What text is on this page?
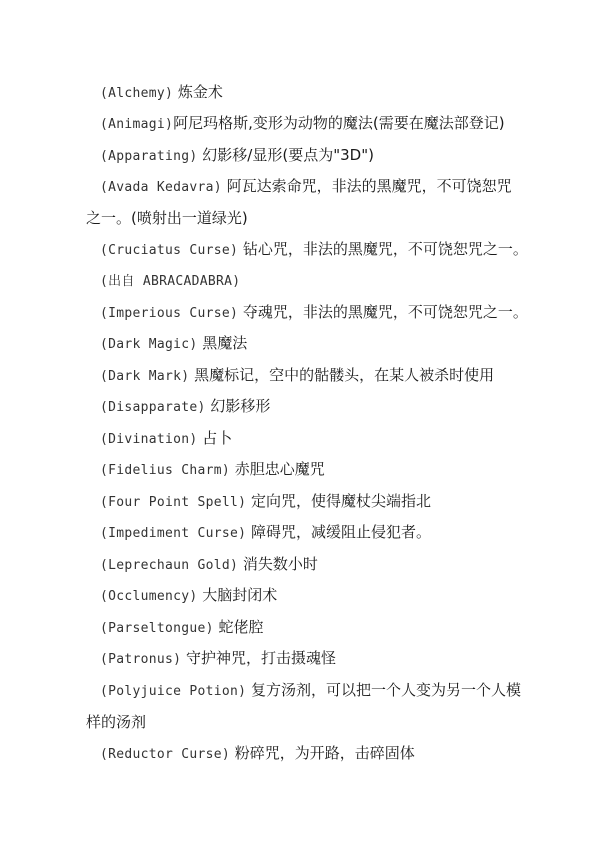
(Alchemy) 炼金术
(Animagi)阿尼玛格斯,变形为动物的魔法(需要在魔法部登记)
(Apparating) 幻影移/显形(要点为"3D")
(Avada Kedavra) 阿瓦达索命咒，非法的黑魔咒，不可饶恕咒
之一。(喷射出一道绿光)
(Cruciatus Curse) 钻心咒，非法的黑魔咒，不可饶恕咒之一。
(出自 ABRACADABRA)
(Imperious Curse) 夺魂咒，非法的黑魔咒，不可饶恕咒之一。
(Dark Magic) 黑魔法
(Dark Mark) 黑魔标记，空中的骷髅头，在某人被杀时使用
(Disapparate) 幻影移形
(Divination) 占卜
(Fidelius Charm) 赤胆忠心魔咒
(Four Point Spell) 定向咒，使得魔杖尖端指北
(Impediment Curse) 障碍咒，减缓阻止侵犯者。
(Leprechaun Gold) 消失数小时
(Occlumency) 大脑封闭术
(Parseltongue) 蛇佬腔
(Patronus) 守护神咒，打击摄魂怪
(Polyjuice Potion) 复方汤剂，可以把一个人变为另一个人模
样的汤剂
(Reductor Curse) 粉碎咒，为开路，击碎固体
